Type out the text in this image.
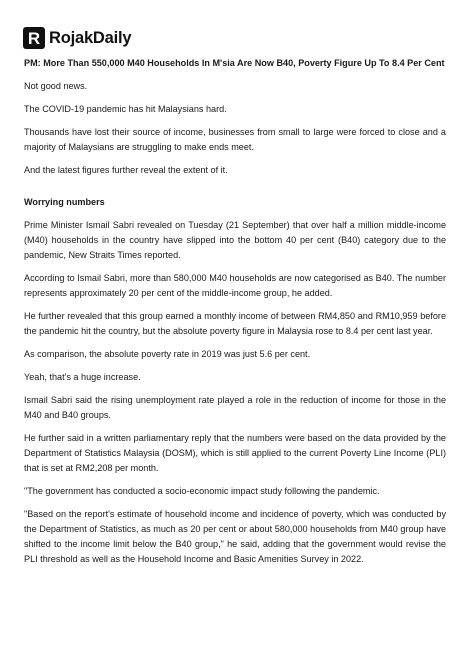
R RojakDaily
PM: More Than 550,000 M40 Households In M'sia Are Now B40, Poverty Figure Up To 8.4 Per Cent

Not good news.

The COVID-19 pandemic has hit Malaysians hard.

Thousands have lost their source of income, businesses from small to large were forced to close and a majority of Malaysians are struggling to make ends meet.

And the latest figures further reveal the extent of it.

Worrying numbers

Prime Minister Ismail Sabri revealed on Tuesday (21 September) that over half a million middle-income (M40) households in the country have slipped into the bottom 40 per cent (B40) category due to the pandemic, New Straits Times reported.

According to Ismail Sabri, more than 580,000 M40 households are now categorised as B40. The number represents approximately 20 per cent of the middle-income group, he added.

He further revealed that this group earned a monthly income of between RM4,850 and RM10,959 before the pandemic hit the country, but the absolute poverty figure in Malaysia rose to 8.4 per cent last year.

As comparison, the absolute poverty rate in 2019 was just 5.6 per cent.

Yeah, that's a huge increase.

Ismail Sabri said the rising unemployment rate played a role in the reduction of income for those in the M40 and B40 groups.

He further said in a written parliamentary reply that the numbers were based on the data provided by the Department of Statistics Malaysia (DOSM), which is still applied to the current Poverty Line Income (PLI) that is set at RM2,208 per month.

"The government has conducted a socio-economic impact study following the pandemic.

"Based on the report's estimate of household income and incidence of poverty, which was conducted by the Department of Statistics, as much as 20 per cent or about 580,000 households from M40 group have shifted to the income limit below the B40 group," he said, adding that the government would revise the PLI threshold as well as the Household Income and Basic Amenities Survey in 2022.
